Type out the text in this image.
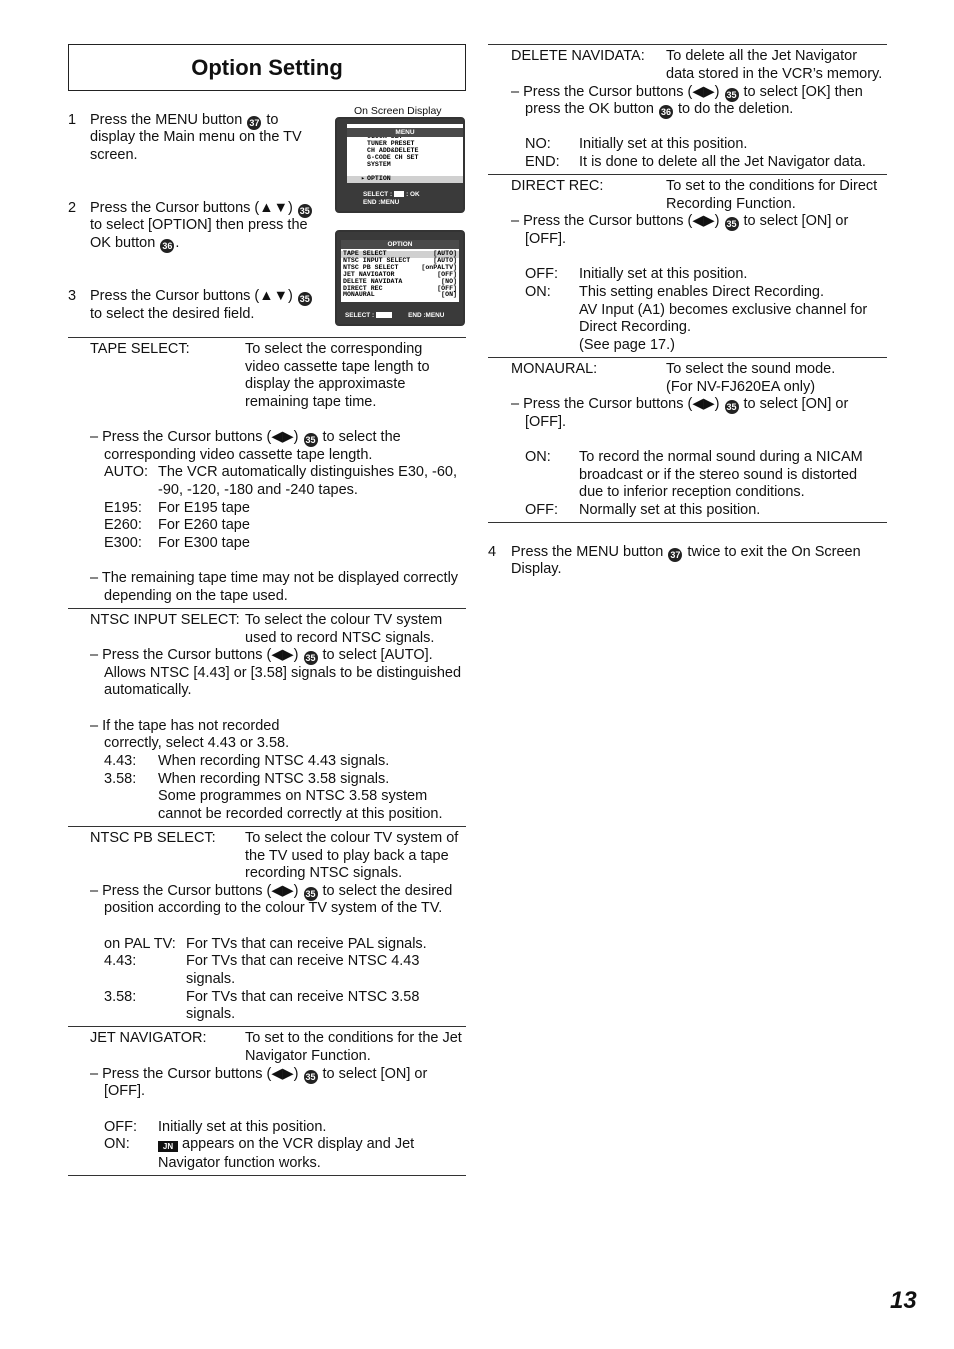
Option Setting
1 Press the MENU button 37 to
display the Main menu on the TV
screen.
2 Press the Cursor buttons (▲▼) 35
to select [OPTION] then press the
OK button 36 .
3 Press the Cursor buttons (▲▼) 35
to select the desired field.
On Screen Display
MENU
TUNER PRESET
CH ADD&DELETE
G-CODE CH SET
SYSTEM
▸ OPTION
SELECT : : OK
END :MENU
OPTION
TAPE SELECT	[AUTO]
NTSC INPUT SELECT	[AUTO]
NTSC PB SELECT	[onPALTV]
JET NAVIGATOR	[OFF]
DELETE NAVIDATA	[NO]
DIRECT REC	[OFF]
MONAURAL	[ON]
SELECT :	END :MENU
TAPE SELECT:	To select the corresponding
video cassette tape length to
display the approximaste
remaining tape time.
– Press the Cursor buttons (◀▶) 35 to select the
corresponding video cassette tape length.
AUTO: The VCR automatically distinguishes E30, -60,
-90, -120, -180 and -240 tapes.
E195: For E195 tape
E260: For E260 tape
E300: For E300 tape
– The remaining tape time may not be displayed correctly
depending on the tape used.
NTSC INPUT SELECT: To select the colour TV system
used to record NTSC signals.
– Press the Cursor buttons (◀▶) 35 to select [AUTO].
Allows NTSC [4.43] or [3.58] signals to be distinguished
automatically.
– If the tape has not recorded
correctly, select 4.43 or 3.58.
4.43: When recording NTSC 4.43 signals.
3.58: When recording NTSC 3.58 signals.
Some programmes on NTSC 3.58 system
cannot be recorded correctly at this position.
NTSC PB SELECT: To select the colour TV system of
the TV used to play back a tape
recording NTSC signals.
– Press the Cursor buttons (◀▶) 35 to select the desired
position according to the colour TV system of the TV.
on PAL TV: For TVs that can receive PAL signals.
4.43:	For TVs that can receive NTSC 4.43
signals.
3.58:	For TVs that can receive NTSC 3.58
signals.
JET NAVIGATOR:	To set to the conditions for the Jet
Navigator Function.
– Press the Cursor buttons (◀▶) 35 to select [ON] or
[OFF].
OFF: Initially set at this position.
ON:	JN appears on the VCR display and Jet
Navigator function works.
DELETE NAVIDATA: To delete all the Jet Navigator
data stored in the VCR’s memory.
– Press the Cursor buttons (◀▶) 35 to select [OK] then
press the OK button 36 to do the deletion.
NO: Initially set at this position.
END: It is done to delete all the Jet Navigator data.
DIRECT REC:	To set to the conditions for Direct
Recording Function.
– Press the Cursor buttons (◀▶) 35 to select [ON] or
[OFF].
OFF: Initially set at this position.
ON: This setting enables Direct Recording.
AV Input (A1) becomes exclusive channel for
Direct Recording.
(See page 17.)
MONAURAL:	To select the sound mode.
(For NV-FJ620EA only)
– Press the Cursor buttons (◀▶) 35 to select [ON] or
[OFF].
ON: To record the normal sound during a NICAM
broadcast or if the stereo sound is distorted
due to inferior reception conditions.
OFF: Normally set at this position.
4 Press the MENU button 37 twice to exit the On Screen
Display.
13
